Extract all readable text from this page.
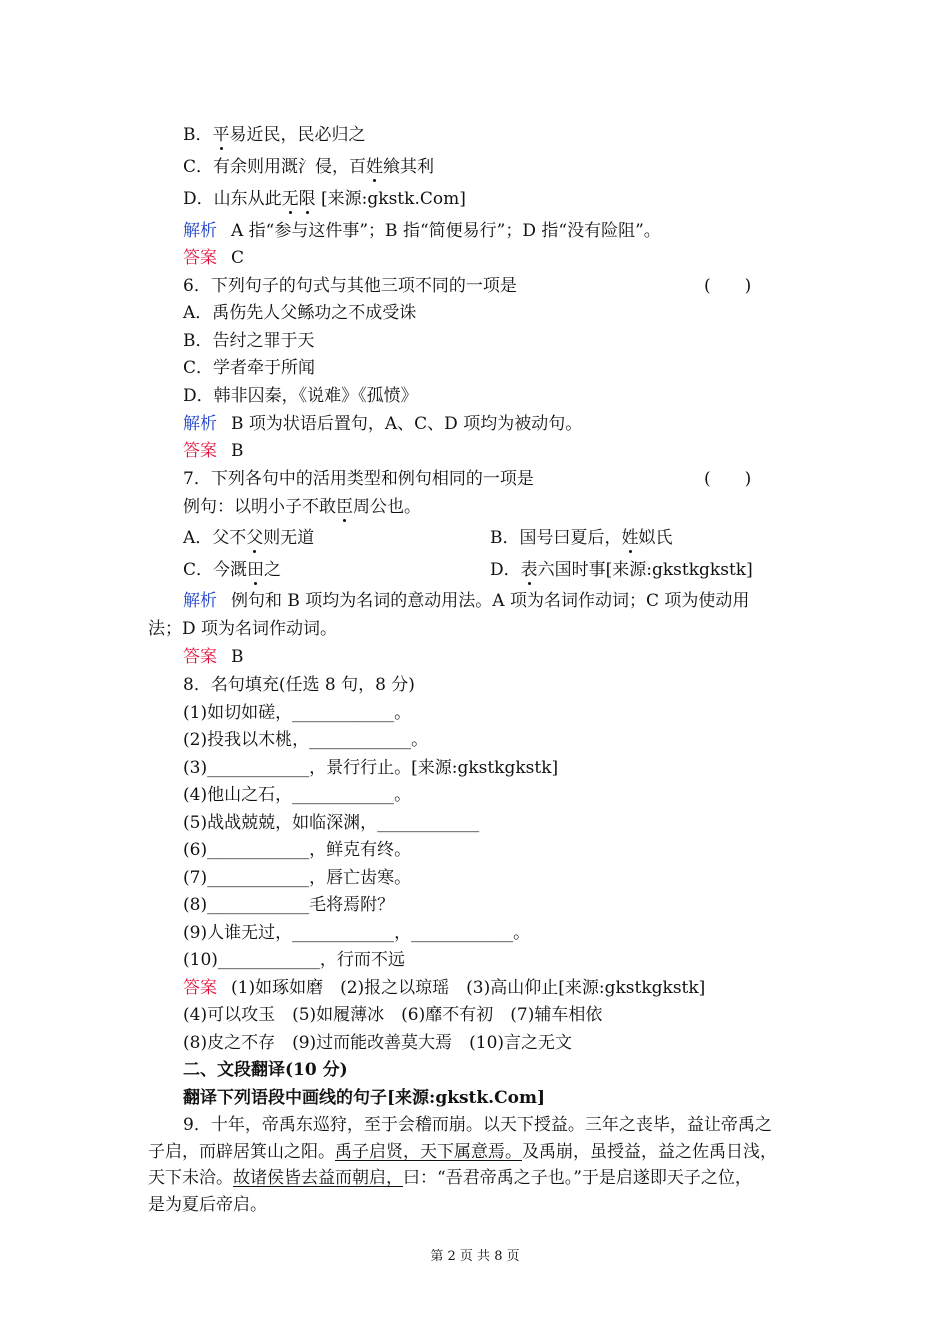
B．平易近民，民必归之
C．有余则用溉氵侵，百姓飨其利
D．山东从此无限 [来源:gkstk.Com]
解析 A 指“参与这件事”；B 指“简便易行”；D 指“没有险阻”。
答案 C
6．下列句子的句式与其他三项不同的一项是	(　　)
A．禹伤先人父鲧功之不成受诛
B．告纣之罪于天
C．学者牵于所闻
D．韩非囚秦，《说难》《孤愤》
解析 B 项为状语后置句，A、C、D 项均为被动句。
答案 B
7．下列各句中的活用类型和例句相同的一项是	(　　)
例句：以明小子不敢臣周公也。
A．父不父则无道	B．国号曰夏后，姓姒氏
C．今溉田之	D．表六国时事[来源:gkstkgkstk]
解析 例句和 B 项均为名词的意动用法。A 项为名词作动词；C 项为使动用
法；D 项为名词作动词。
答案 B
8．名句填充(任选 8 句，8 分)
(1)如切如磋，____________。
(2)投我以木桃，____________。
(3)____________，景行行止。[来源:gkstkgkstk]
(4)他山之石，____________。
(5)战战兢兢，如临深渊，____________
(6)____________，鲜克有终。
(7)____________，唇亡齿寒。
(8)____________毛将焉附？
(9)人谁无过，____________，____________。
(10)____________，行而不远
答案 (1)如琢如磨　(2)报之以琼瑶　(3)高山仰止[来源:gkstkgkstk]
(4)可以攻玉　(5)如履薄冰　(6)靡不有初　(7)辅车相依
(8)皮之不存　(9)过而能改善莫大焉　(10)言之无文
二、文段翻译(10 分)
翻译下列语段中画线的句子[来源:gkstk.Com]
9．十年，帝禹东巡狩，至于会稽而崩。以天下授益。三年之丧毕，益让帝禹之
子启，而辟居箕山之阳。禹子启贤，天下属意焉。及禹崩，虽授益，益之佐禹日浅，
天下未洽。故诸侯皆去益而朝启，曰：“吾君帝禹之子也。”于是启遂即天子之位，
是为夏后帝启。
第 2 页 共 8 页
